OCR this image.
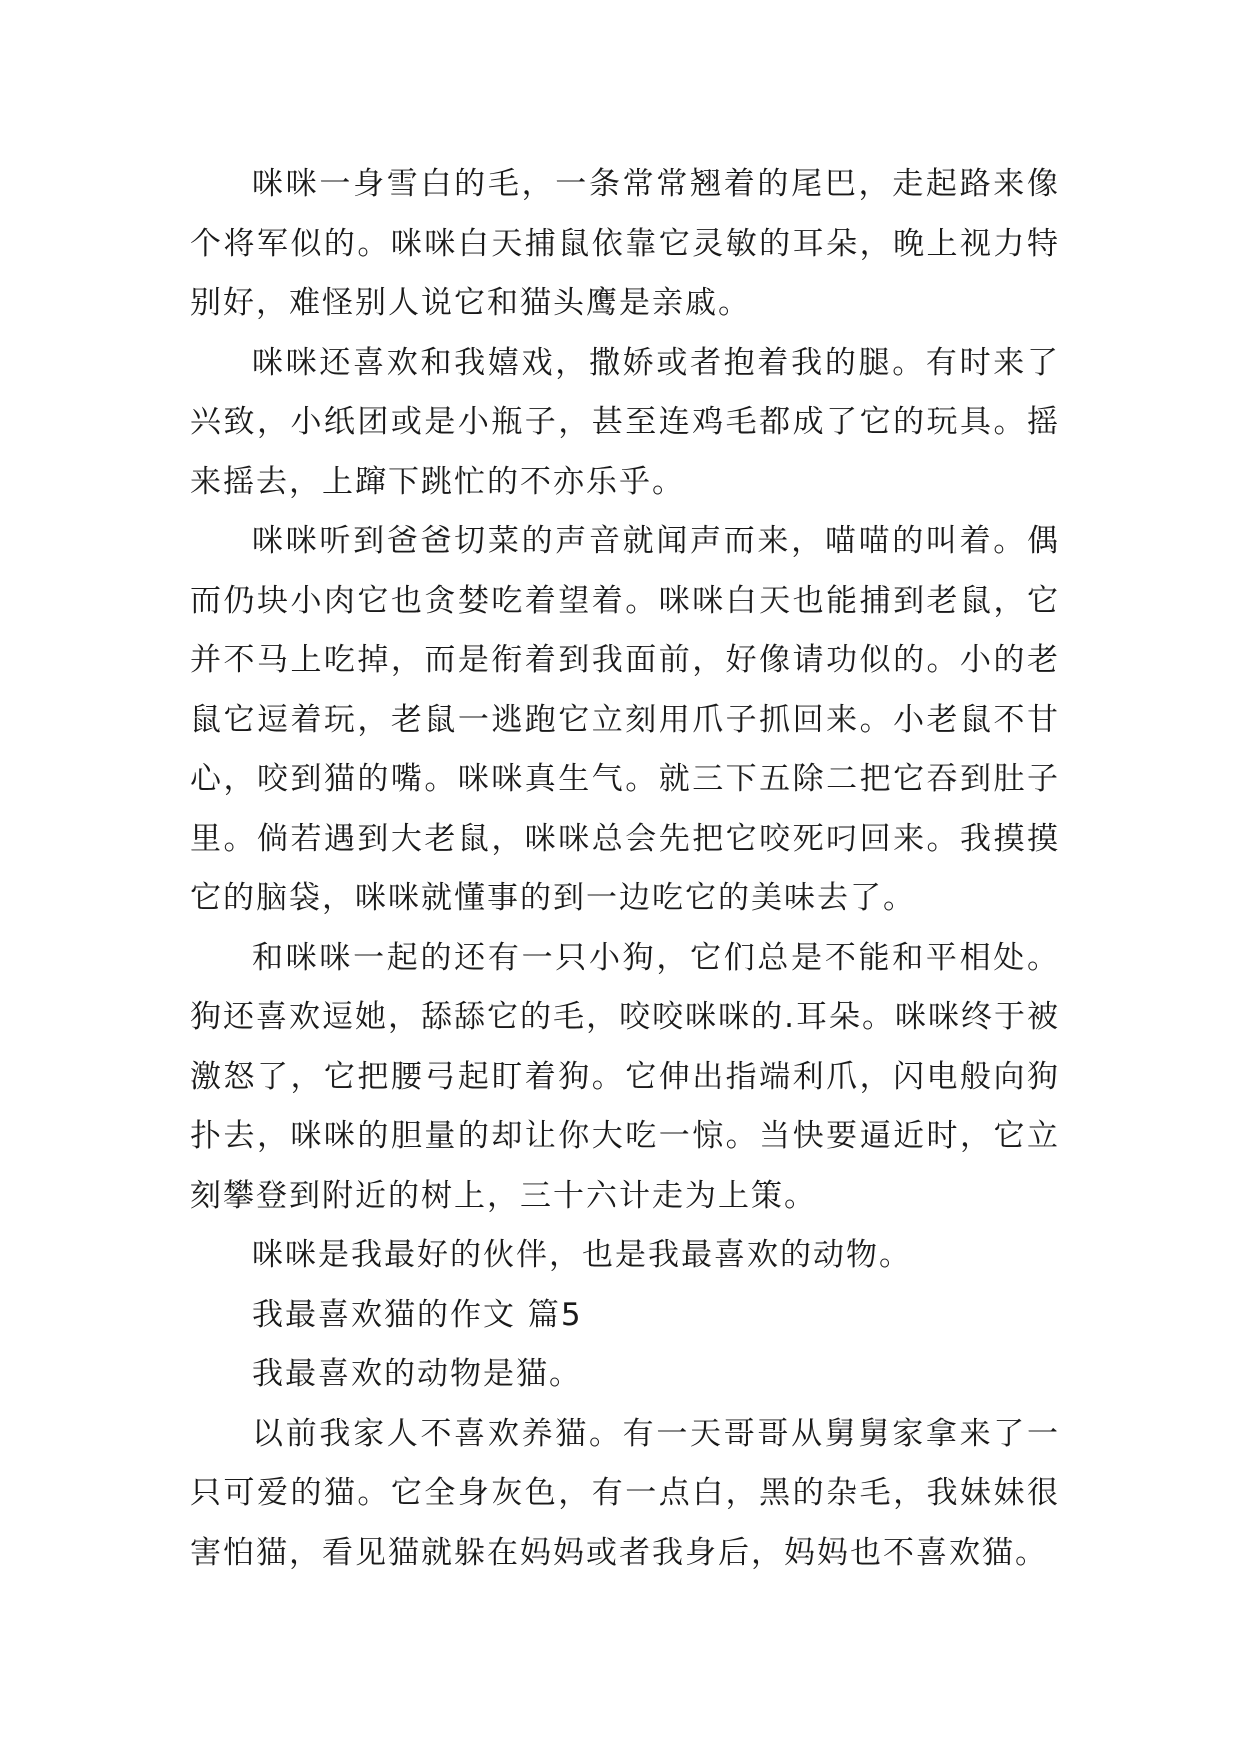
咪咪一身雪白的毛，一条常常翘着的尾巴，走起路来像个将军似的。咪咪白天捕鼠依靠它灵敏的耳朵，晚上视力特别好，难怪别人说它和猫头鹰是亲戚。

咪咪还喜欢和我嬉戏，撒娇或者抱着我的腿。有时来了兴致，小纸团或是小瓶子，甚至连鸡毛都成了它的玩具。摇来摇去，上蹿下跳忙的不亦乐乎。

咪咪听到爸爸切菜的声音就闻声而来，喵喵的叫着。偶而仍块小肉它也贪婪吃着望着。咪咪白天也能捕到老鼠，它并不马上吃掉，而是衔着到我面前，好像请功似的。小的老鼠它逗着玩，老鼠一逃跑它立刻用爪子抓回来。小老鼠不甘心，咬到猫的嘴。咪咪真生气。就三下五除二把它吞到肚子里。倘若遇到大老鼠，咪咪总会先把它咬死叼回来。我摸摸它的脑袋，咪咪就懂事的到一边吃它的美味去了。

和咪咪一起的还有一只小狗，它们总是不能和平相处。狗还喜欢逗她，舔舔它的毛，咬咬咪咪的.耳朵。咪咪终于被激怒了，它把腰弓起盯着狗。它伸出指端利爪，闪电般向狗扑去，咪咪的胆量的却让你大吃一惊。当快要逼近时，它立刻攀登到附近的树上，三十六计走为上策。

咪咪是我最好的伙伴，也是我最喜欢的动物。

我最喜欢猫的作文 篇5

我最喜欢的动物是猫。

以前我家人不喜欢养猫。有一天哥哥从舅舅家拿来了一只可爱的猫。它全身灰色，有一点白，黑的杂毛，我妹妹很害怕猫，看见猫就躲在妈妈或者我身后，妈妈也不喜欢猫。
